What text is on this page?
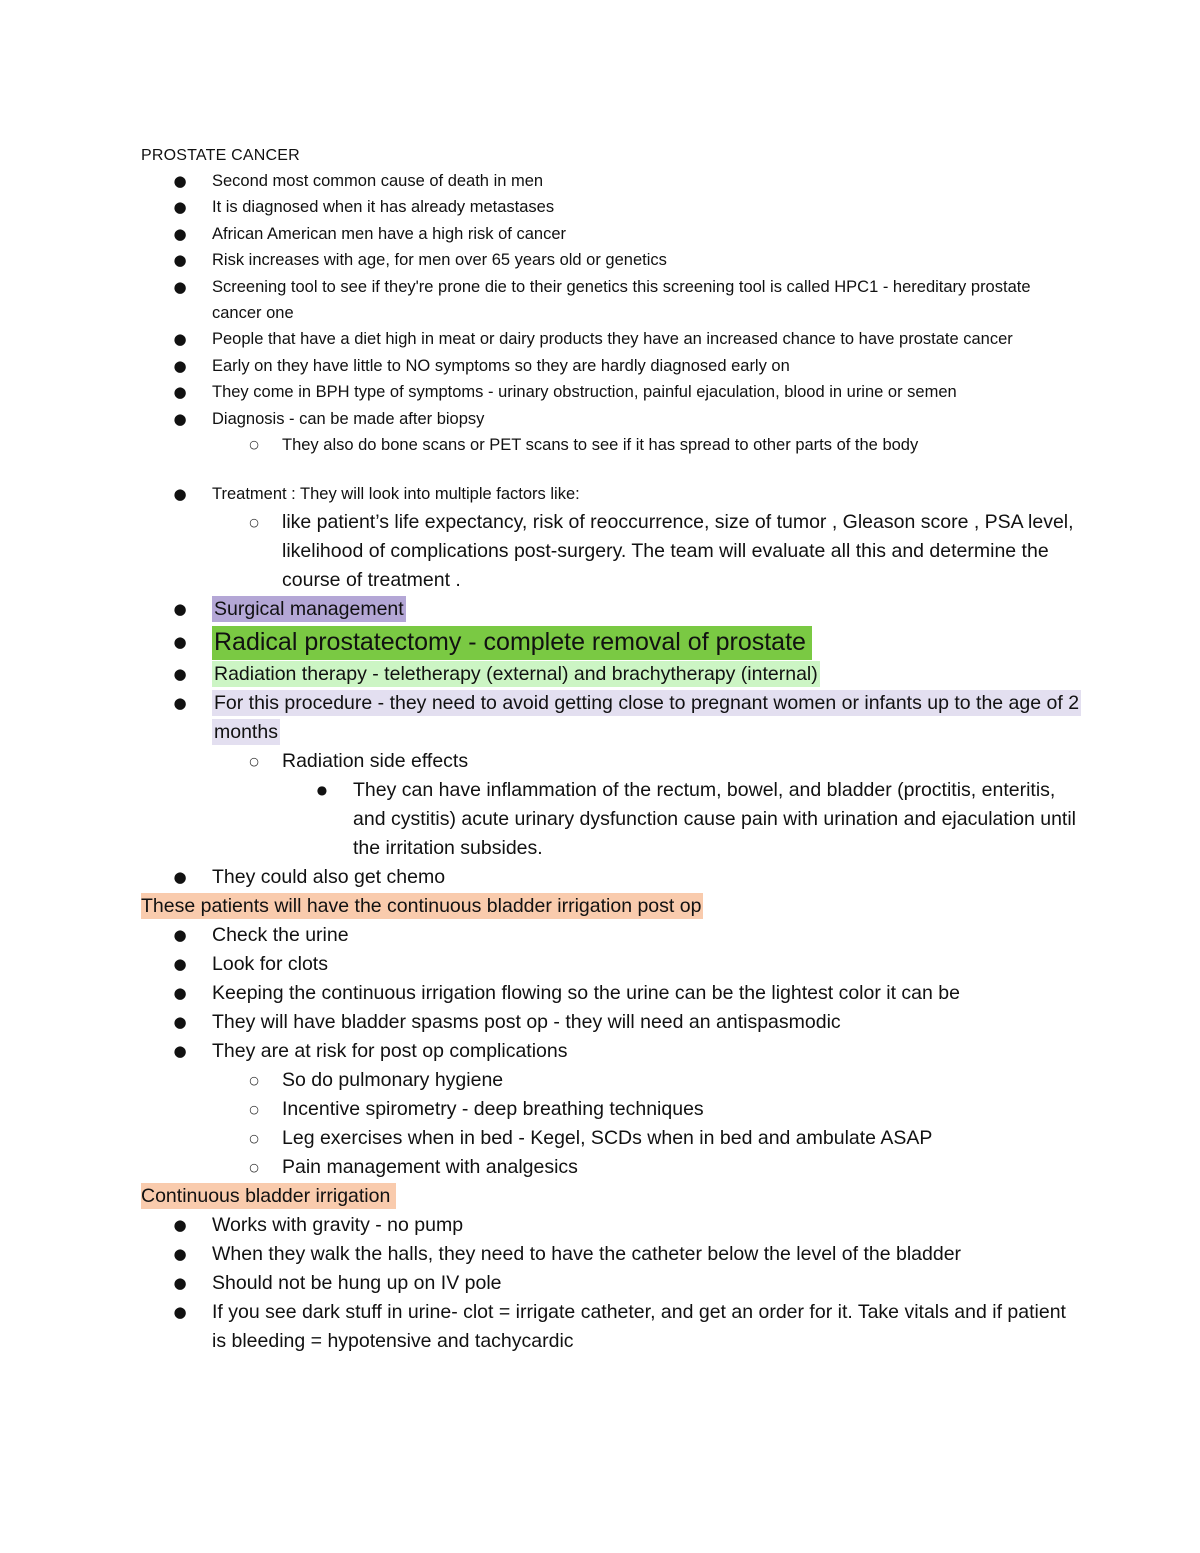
PROSTATE CANCER
● Second most common cause of death in men
● It is diagnosed when it has already metastases
● African American men have a high risk of cancer
● Risk increases with age, for men over 65 years old or genetics
● Screening tool to see if they're prone die to their genetics this screening tool is called HPC1 - hereditary prostate cancer one
● People that have a diet high in meat or dairy products they have an increased chance to have prostate cancer
● Early on they have little to NO symptoms so they are hardly diagnosed early on
● They come in BPH type of symptoms - urinary obstruction, painful ejaculation, blood in urine or semen
● Diagnosis - can be made after biopsy
○ They also do bone scans or PET scans to see if it has spread to other parts of the body
● Treatment : They will look into multiple factors like:
○ like patient’s life expectancy, risk of reoccurrence, size of tumor , Gleason score , PSA level, likelihood of complications post-surgery. The team will evaluate all this and determine the course of treatment .
● Surgical management
● Radical prostatectomy - complete removal of prostate
● Radiation therapy - teletherapy (external) and brachytherapy (internal)
● For this procedure - they need to avoid getting close to pregnant women or infants up to the age of 2 months
○ Radiation side effects
● They can have inflammation of the rectum, bowel, and bladder (proctitis, enteritis, and cystitis) acute urinary dysfunction cause pain with urination and ejaculation until the irritation subsides.
● They could also get chemo
These patients will have the continuous bladder irrigation post op
● Check the urine
● Look for clots
● Keeping the continuous irrigation flowing so the urine can be the lightest color it can be
● They will have bladder spasms post op - they will need an antispasmodic
● They are at risk for post op complications
○ So do pulmonary hygiene
○ Incentive spirometry - deep breathing techniques
○ Leg exercises when in bed - Kegel, SCDs when in bed and ambulate ASAP
○ Pain management with analgesics
Continuous bladder irrigation
● Works with gravity - no pump
● When they walk the halls, they need to have the catheter below the level of the bladder
● Should not be hung up on IV pole
● If you see dark stuff in urine- clot = irrigate catheter, and get an order for it. Take vitals and if patient is bleeding = hypotensive and tachycardic
